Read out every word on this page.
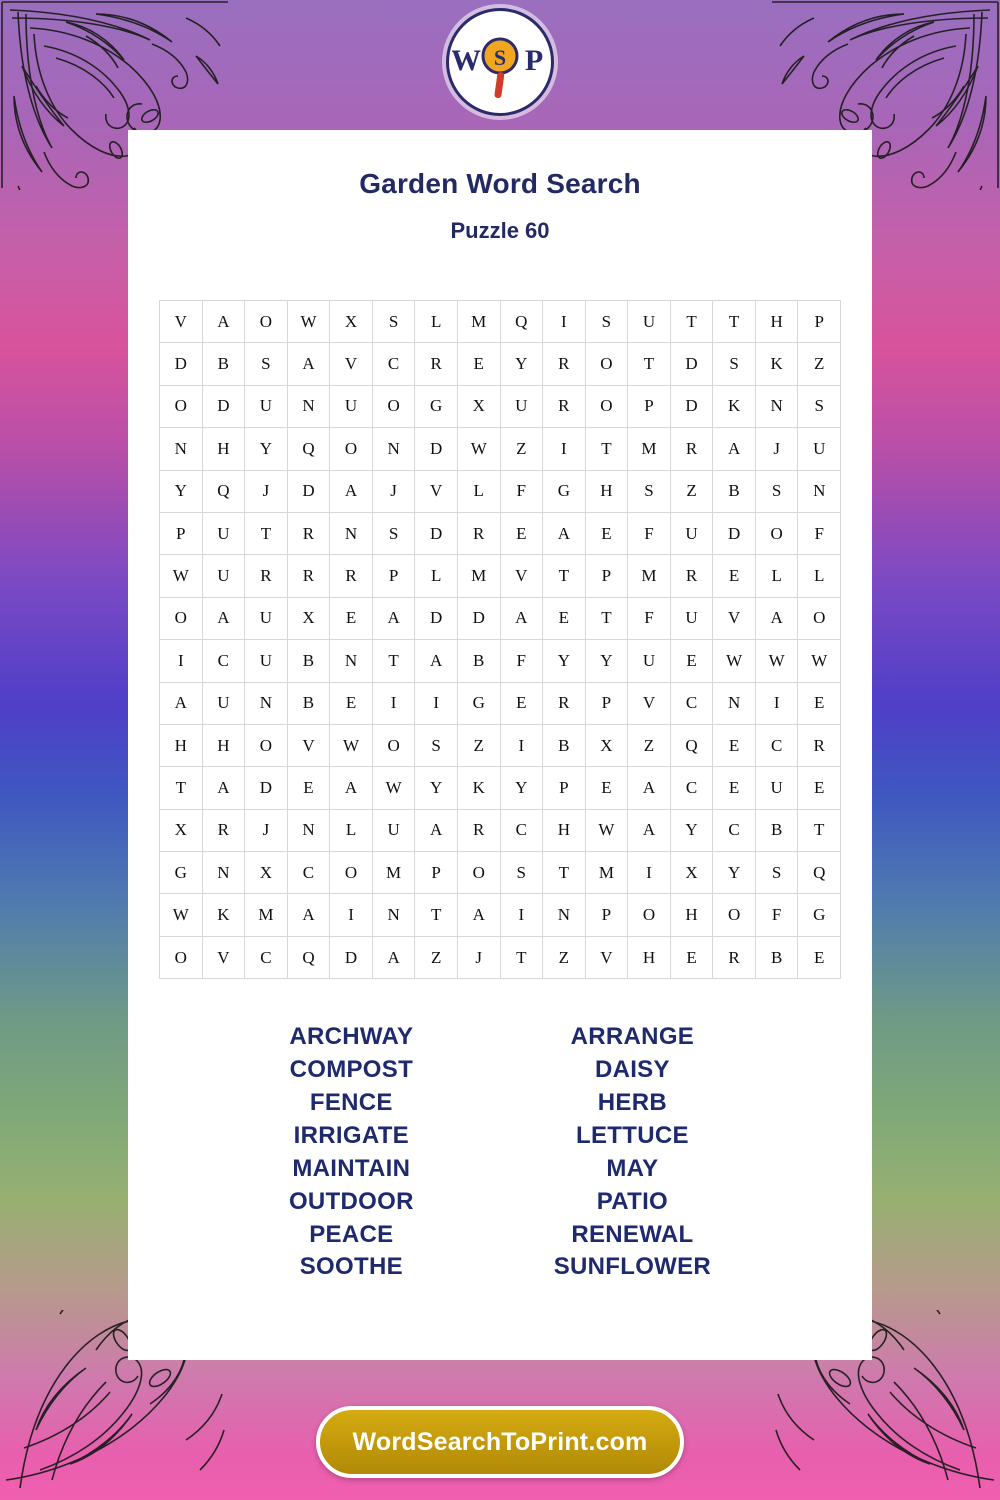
W P
S
Garden Word Search
Puzzle 60
V	A	O	W	X	S	L	M	Q	I	S	U	T	T	H	P
D	B	S	A	V	C	R	E	Y	R	O	T	D	S	K	Z
O	D	U	N	U	O	G	X	U	R	O	P	D	K	N	S
N	H	Y	Q	O	N	D	W	Z	I	T	M	R	A	J	U
Y	Q	J	D	A	J	V	L	F	G	H	S	Z	B	S	N
P	U	T	R	N	S	D	R	E	A	E	F	U	D	O	F
W	U	R	R	R	P	L	M	V	T	P	M	R	E	L	L
O	A	U	X	E	A	D	D	A	E	T	F	U	V	A	O
I	C	U	B	N	T	A	B	F	Y	Y	U	E	W	W	W
A	U	N	B	E	I	I	G	E	R	P	V	C	N	I	E
H	H	O	V	W	O	S	Z	I	B	X	Z	Q	E	C	R
T	A	D	E	A	W	Y	K	Y	P	E	A	C	E	U	E
X	R	J	N	L	U	A	R	C	H	W	A	Y	C	B	T
G	N	X	C	O	M	P	O	S	T	M	I	X	Y	S	Q
W	K	M	A	I	N	T	A	I	N	P	O	H	O	F	G
O	V	C	Q	D	A	Z	J	T	Z	V	H	E	R	B	E
ARCHWAY
COMPOST
FENCE
IRRIGATE
MAINTAIN
OUTDOOR
PEACE
SOOTHE
ARRANGE
DAISY
HERB
LETTUCE
MAY
PATIO
RENEWAL
SUNFLOWER
WordSearchToPrint.com
